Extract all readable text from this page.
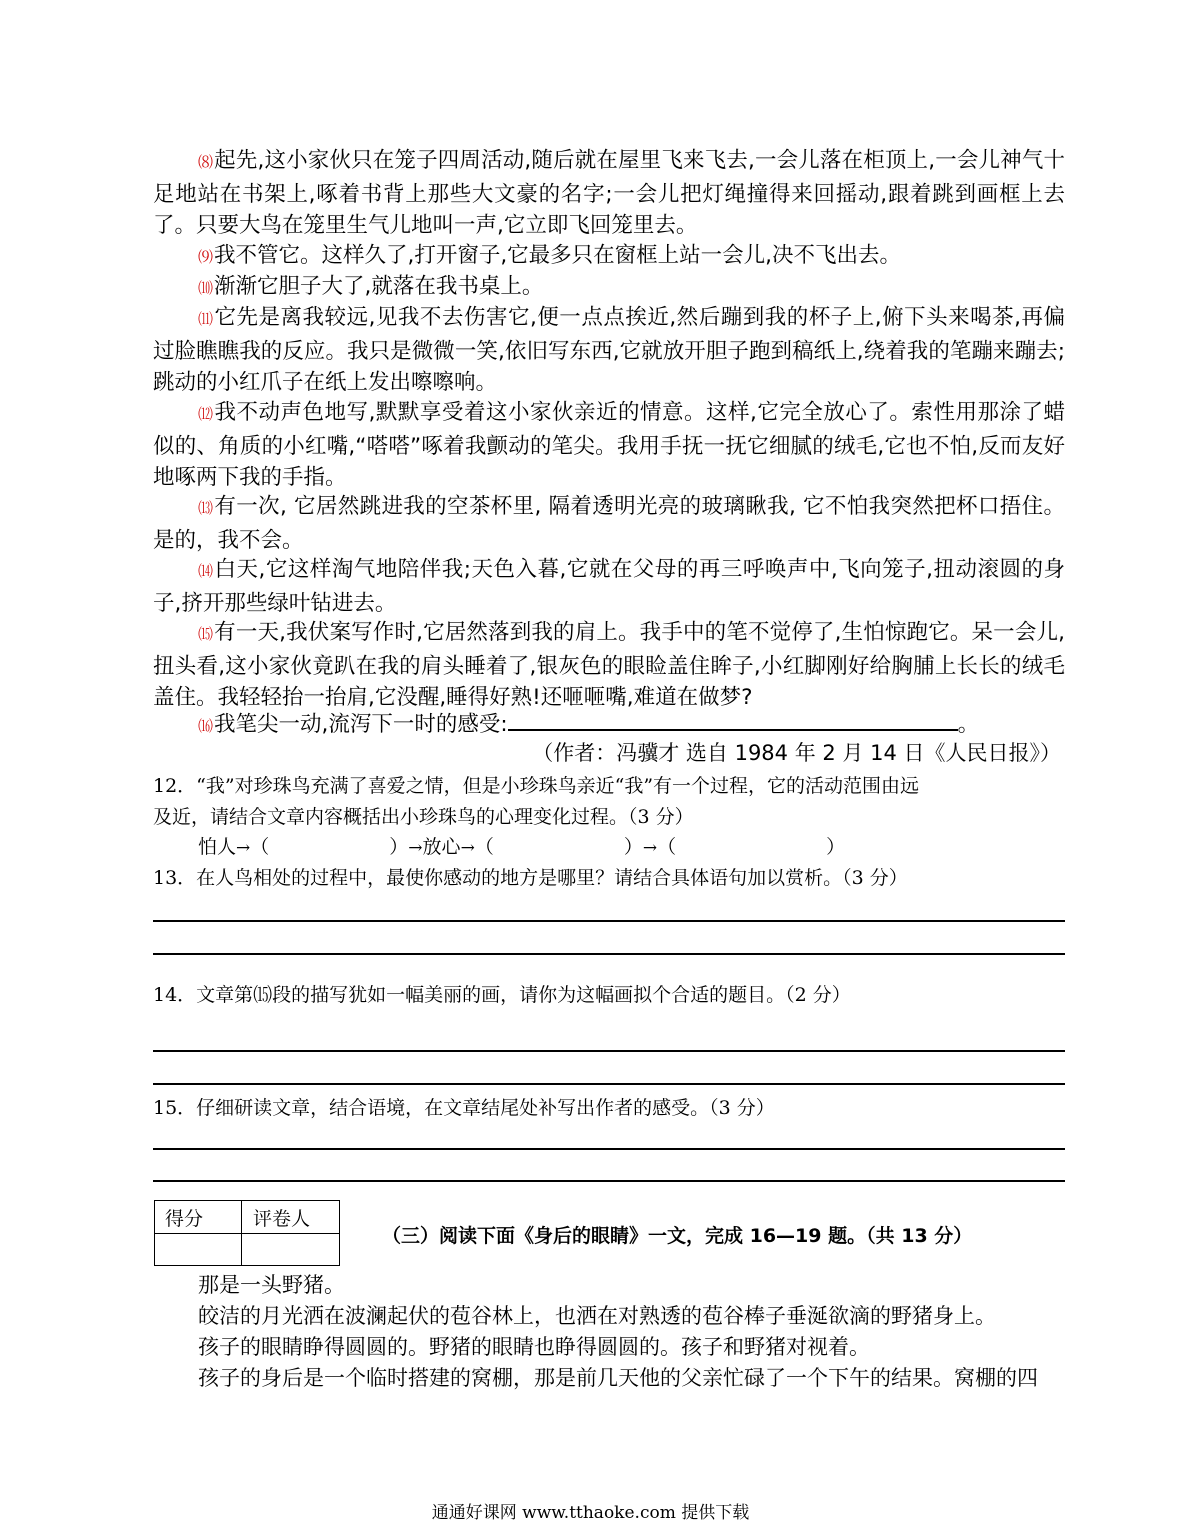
⑻起先,这小家伙只在笼子四周活动,随后就在屋里飞来飞去,一会儿落在柜顶上,一会儿神气十足地站在书架上,啄着书背上那些大文豪的名字;一会儿把灯绳撞得来回摇动,跟着跳到画框上去了。只要大鸟在笼里生气儿地叫一声,它立即飞回笼里去。
⑼我不管它。这样久了,打开窗子,它最多只在窗框上站一会儿,决不飞出去。
⑽渐渐它胆子大了,就落在我书桌上。
⑾它先是离我较远,见我不去伤害它,便一点点挨近,然后蹦到我的杯子上,俯下头来喝茶,再偏过脸瞧瞧我的反应。我只是微微一笑,依旧写东西,它就放开胆子跑到稿纸上,绕着我的笔蹦来蹦去;跳动的小红爪子在纸上发出嚓嚓响。
⑿我不动声色地写,默默享受着这小家伙亲近的情意。这样,它完全放心了。索性用那涂了蜡似的、角质的小红嘴,“嗒嗒”啄着我颤动的笔尖。我用手抚一抚它细腻的绒毛,它也不怕,反而友好地啄两下我的手指。
⒀有一次, 它居然跳进我的空茶杯里, 隔着透明光亮的玻璃瞅我, 它不怕我突然把杯口捂住。是的，我不会。
⒁白天,它这样淘气地陪伴我;天色入暮,它就在父母的再三呼唤声中,飞向笼子,扭动滚圆的身子,挤开那些绿叶钻进去。
⒂有一天,我伏案写作时,它居然落到我的肩上。我手中的笔不觉停了,生怕惊跑它。呆一会儿,扭头看,这小家伙竟趴在我的肩头睡着了,银灰色的眼睑盖住眸子,小红脚刚好给胸脯上长长的绒毛盖住。我轻轻抬一抬肩,它没醒,睡得好熟!还咂咂嘴,难道在做梦?
⒃我笔尖一动,流泻下一时的感受:	。
（作者：冯骥才 选自 1984 年 2 月 14 日《人民日报》）
12．“我”对珍珠鸟充满了喜爱之情，但是小珍珠鸟亲近“我”有一个过程，它的活动范围由远
及近，请结合文章内容概括出小珍珠鸟的心理变化过程。（3 分）
怕人→（	）→放心→（	）→（	）
13．在人鸟相处的过程中，最使你感动的地方是哪里？请结合具体语句加以赏析。（3 分）
14．文章第⒂段的描写犹如一幅美丽的画，请你为这幅画拟个合适的题目。（2 分）
15．仔细研读文章，结合语境，在文章结尾处补写出作者的感受。（3 分）
得分	评卷人
（三）阅读下面《身后的眼睛》一文，完成 16—19 题。（共 13 分）
那是一头野猪。
皎洁的月光洒在波澜起伏的苞谷林上，也洒在对熟透的苞谷棒子垂涎欲滴的野猪身上。
孩子的眼睛睁得圆圆的。野猪的眼睛也睁得圆圆的。孩子和野猪对视着。
孩子的身后是一个临时搭建的窝棚，那是前几天他的父亲忙碌了一个下午的结果。窝棚的四
通通好课网 www.tthaoke.com 提供下载
